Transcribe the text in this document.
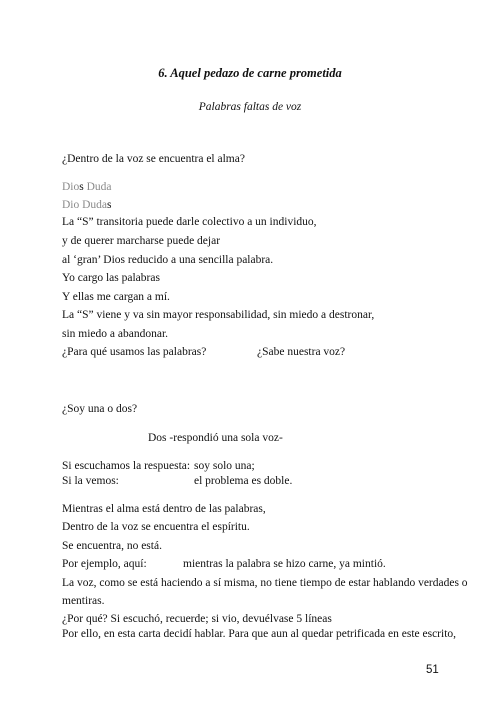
6. Aquel pedazo de carne prometida
Palabras faltas de voz
¿Dentro de la voz se encuentra el alma?
Dios Duda
Dio Dudas
La “S” transitoria puede darle colectivo a un individuo,
y de querer marcharse puede dejar
al ‘gran’ Dios reducido a una sencilla palabra.
Yo cargo las palabras
Y ellas me cargan a mí.
La “S” viene y va sin mayor responsabilidad, sin miedo a destronar,
sin miedo a abandonar.
¿Para qué usamos las palabras?	¿Sabe nuestra voz?
¿Soy una o dos?
Dos -respondió una sola voz-
Si escuchamos la respuesta: soy solo una;
Si la vemos:	el problema es doble.
Mientras el alma está dentro de las palabras,
Dentro de la voz se encuentra el espíritu.
Se encuentra, no está.
Por ejemplo, aquí:	mientras la palabra se hizo carne, ya mintió.
La voz, como se está haciendo a sí misma, no tiene tiempo de estar hablando verdades o
mentiras.
¿Por qué? Si escuchó, recuerde; si vio, devuélvase 5 líneas
Por ello, en esta carta decidí hablar. Para que aun al quedar petrificada en este escrito,
51
